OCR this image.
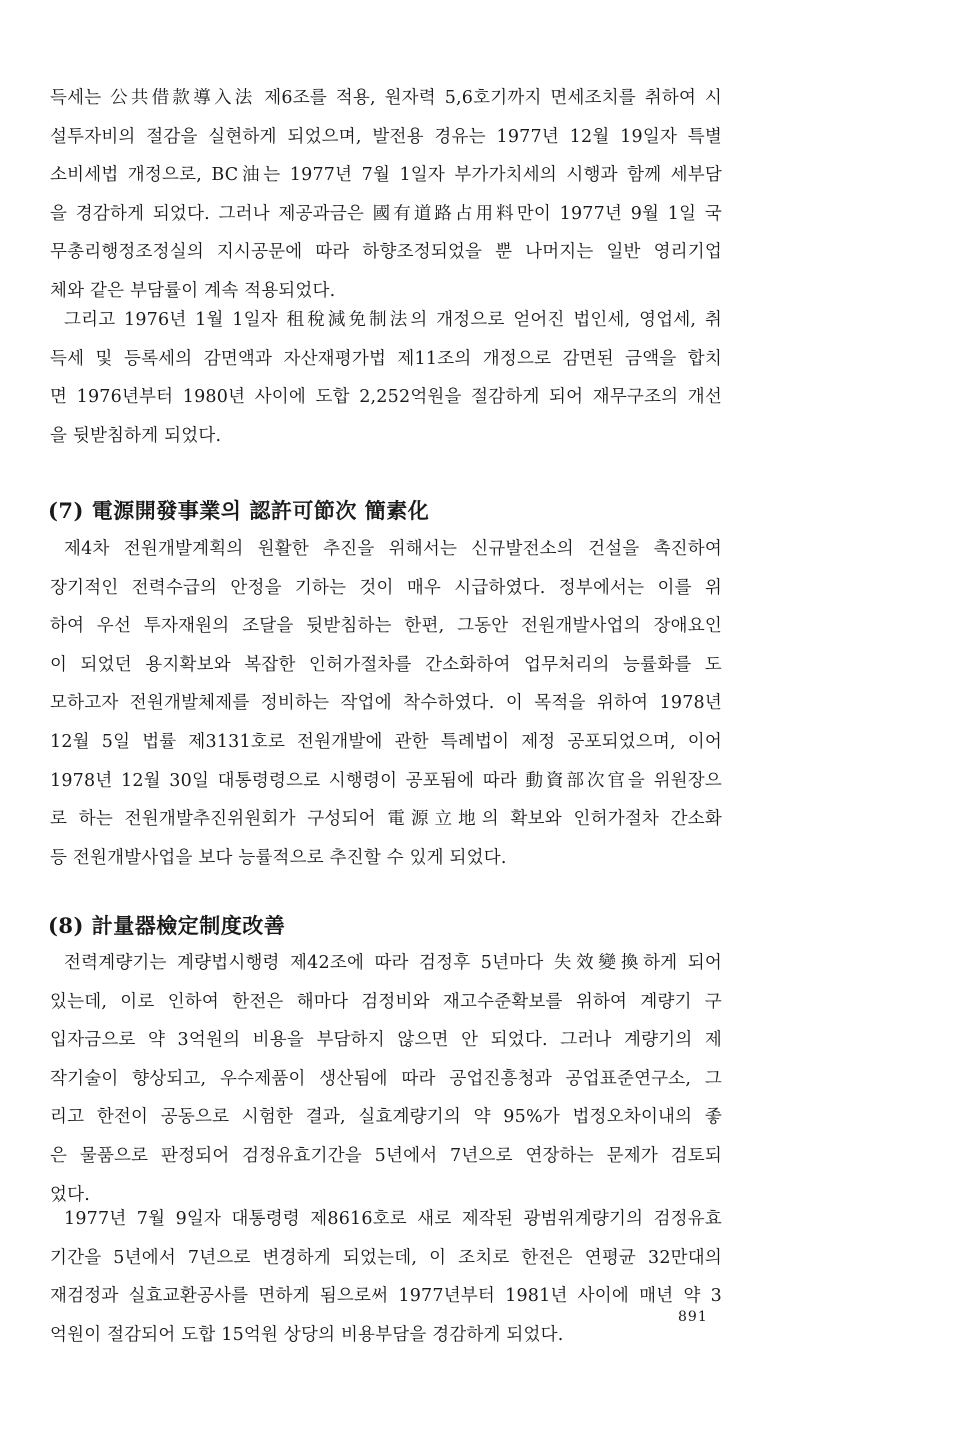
득세는 公共借款導入法 제6조를 적용, 원자력 5,6호기까지 면세조치를 취하여 시
설투자비의 절감을 실현하게 되었으며, 발전용 경유는 1977년 12월 19일자 특별
소비세법 개정으로, BC油는 1977년 7월 1일자 부가가치세의 시행과 함께 세부담
을 경감하게 되었다. 그러나 제공과금은 國有道路占用料만이 1977년 9월 1일 국
무총리행정조정실의 지시공문에 따라 하향조정되었을 뿐 나머지는 일반 영리기업
체와 같은 부담률이 계속 적용되었다.
그리고 1976년 1월 1일자 租稅減免制法의 개정으로 얻어진 법인세, 영업세, 취
득세 및 등록세의 감면액과 자산재평가법 제11조의 개정으로 감면된 금액을 합치
면 1976년부터 1980년 사이에 도합 2,252억원을 절감하게 되어 재무구조의 개선
을 뒷받침하게 되었다.
(7) 電源開發事業의 認許可節次 簡素化
제4차 전원개발계획의 원활한 추진을 위해서는 신규발전소의 건설을 촉진하여
장기적인 전력수급의 안정을 기하는 것이 매우 시급하였다. 정부에서는 이를 위
하여 우선 투자재원의 조달을 뒷받침하는 한편, 그동안 전원개발사업의 장애요인
이 되었던 용지확보와 복잡한 인허가절차를 간소화하여 업무처리의 능률화를 도
모하고자 전원개발체제를 정비하는 작업에 착수하였다. 이 목적을 위하여 1978년
12월 5일 법률 제3131호로 전원개발에 관한 특례법이 제정 공포되었으며, 이어
1978년 12월 30일 대통령령으로 시행령이 공포됨에 따라 動資部次官을 위원장으
로 하는 전원개발추진위원회가 구성되어 電源立地의 확보와 인허가절차 간소화
등 전원개발사업을 보다 능률적으로 추진할 수 있게 되었다.
(8) 計量器檢定制度改善
전력계량기는 계량법시행령 제42조에 따라 검정후 5년마다 失效變換하게 되어
있는데, 이로 인하여 한전은 해마다 검정비와 재고수준확보를 위하여 계량기 구
입자금으로 약 3억원의 비용을 부담하지 않으면 안 되었다. 그러나 계량기의 제
작기술이 향상되고, 우수제품이 생산됨에 따라 공업진흥청과 공업표준연구소, 그
리고 한전이 공동으로 시험한 결과, 실효계량기의 약 95%가 법정오차이내의 좋
은 물품으로 판정되어 검정유효기간을 5년에서 7년으로 연장하는 문제가 검토되
었다.
1977년 7월 9일자 대통령령 제8616호로 새로 제작된 광범위계량기의 검정유효
기간을 5년에서 7년으로 변경하게 되었는데, 이 조치로 한전은 연평균 32만대의
재검정과 실효교환공사를 면하게 됨으로써 1977년부터 1981년 사이에 매년 약 3
억원이 절감되어 도합 15억원 상당의 비용부담을 경감하게 되었다.

891
